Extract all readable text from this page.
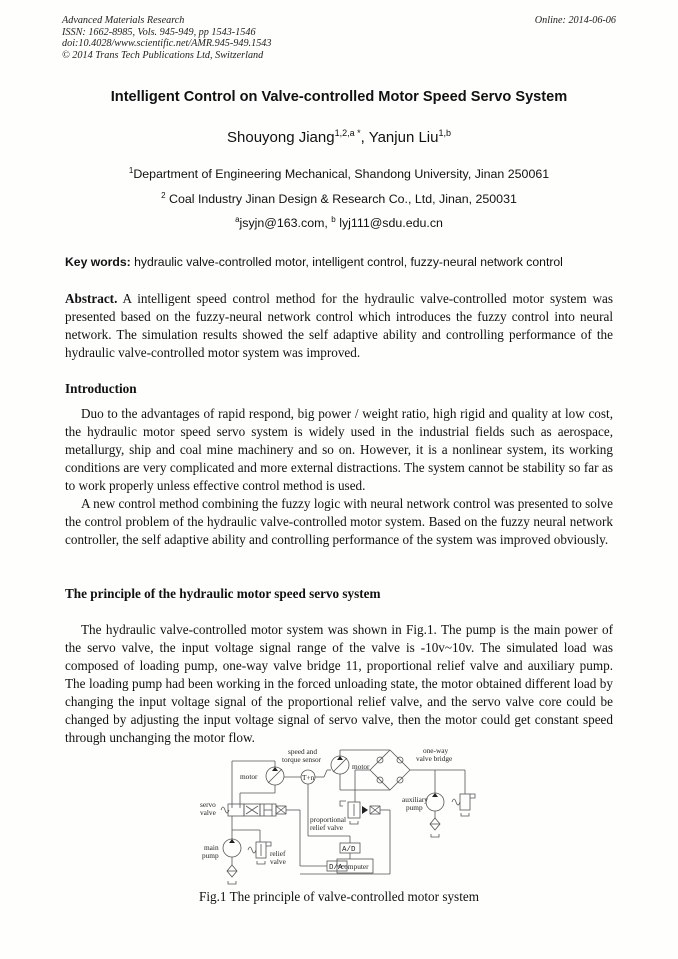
Advanced Materials Research
ISSN: 1662-8985, Vols. 945-949, pp 1543-1546
doi:10.4028/www.scientific.net/AMR.945-949.1543
© 2014 Trans Tech Publications Ltd, Switzerland
Online: 2014-06-06
Intelligent Control on Valve-controlled Motor Speed Servo System
Shouyong Jiang$^{1,2,a *}$, Yanjun Liu$^{1,b}$
$^1$Department of Engineering Mechanical, Shandong University, Jinan 250061
$^2$ Coal Industry Jinan Design & Research Co., Ltd, Jinan, 250031
$^a$jsyjn@163.com, $^b$ lyj111@sdu.edu.cn
Key words: hydraulic valve-controlled motor, intelligent control, fuzzy-neural network control
Abstract. A intelligent speed control method for the hydraulic valve-controlled motor system was presented based on the fuzzy-neural network control which introduces the fuzzy control into neural network. The simulation results showed the self adaptive ability and controlling performance of the hydraulic valve-controlled motor system was improved.
Introduction
Duo to the advantages of rapid respond, big power / weight ratio, high rigid and quality at low cost, the hydraulic motor speed servo system is widely used in the industrial fields such as aerospace, metallurgy, ship and coal mine machinery and so on. However, it is a nonlinear system, its working conditions are very complicated and more external distractions. The system cannot be stability so far as to work properly unless effective control method is used.
A new control method combining the fuzzy logic with neural network control was presented to solve the control problem of the hydraulic valve-controlled motor system. Based on the fuzzy neural network controller, the self adaptive ability and controlling performance of the system was improved obviously.
The principle of the hydraulic motor speed servo system
The hydraulic valve-controlled motor system was shown in Fig.1. The pump is the main power of the servo valve, the input voltage signal range of the valve is -10v~10v. The simulated load was composed of loading pump, one-way valve bridge 11, proportional relief valve and auxiliary pump. The loading pump had been working in the forced unloading state, the motor obtained different load by changing the input voltage signal of the proportional relief valve, and the servo valve core could be changed by adjusting the input voltage signal of servo valve, then the motor could get constant speed through unchanging the motor flow.
motor
speed and
torque sensor
T+n
motor
one-way
valve bridge
servo
valve
proportional
relief valve
auxiliary
pump
main
pump	relief
valve
A/D
D/A
computer
Fig.1 The principle of valve-controlled motor system
